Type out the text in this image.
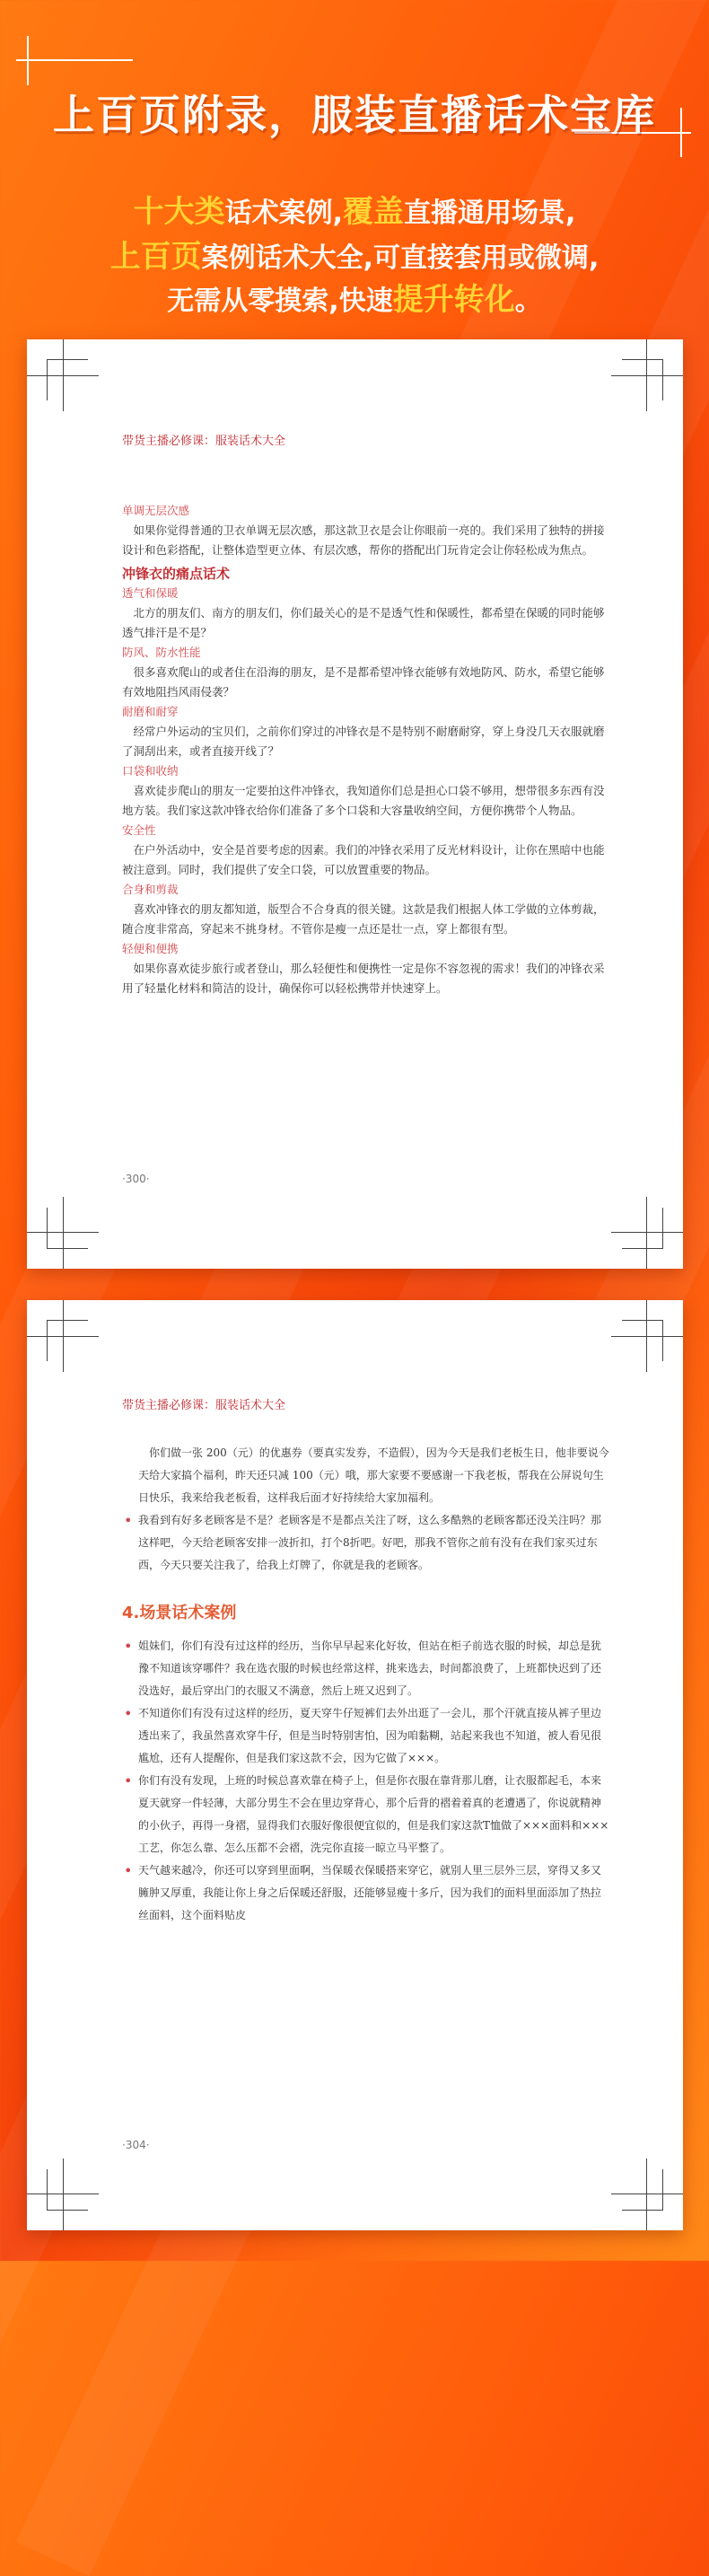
上百页附录，服装直播话术宝库
十大类话术案例,覆盖直播通用场景,
上百页案例话术大全,可直接套用或微调,
无需从零摸索,快速提升转化。
带货主播必修课：服装话术大全
单调无层次感

如果你觉得普通的卫衣单调无层次感，那这款卫衣是会让你眼前一亮的。我们采用了独特的拼接设计和色彩搭配，让整体造型更立体、有层次感，帮你的搭配出门玩肯定会让你轻松成为焦点。

冲锋衣的痛点话术
透气和保暖

北方的朋友们、南方的朋友们，你们最关心的是不是透气性和保暖性，都希望在保暖的同时能够透气排汗是不是？

防风、防水性能

很多喜欢爬山的或者住在沿海的朋友，是不是都希望冲锋衣能够有效地防风、防水，希望它能够有效地阻挡风雨侵袭？

耐磨和耐穿

经常户外运动的宝贝们，之前你们穿过的冲锋衣是不是特别不耐磨耐穿，穿上身没几天衣服就磨了洞刮出来，或者直接开线了？

口袋和收纳

喜欢徒步爬山的朋友一定要拍这件冲锋衣，我知道你们总是担心口袋不够用，想带很多东西有没地方装。我们家这款冲锋衣给你们准备了多个口袋和大容量收纳空间，方便你携带个人物品。

安全性

在户外活动中，安全是首要考虑的因素。我们的冲锋衣采用了反光材料设计，让你在黑暗中也能被注意到。同时，我们提供了安全口袋，可以放置重要的物品。

合身和剪裁

喜欢冲锋衣的朋友都知道，版型合不合身真的很关键。这款是我们根据人体工学做的立体剪裁，随合度非常高，穿起来不挑身材。不管你是瘦一点还是壮一点，穿上都很有型。

轻便和便携

如果你喜欢徒步旅行或者登山，那么轻便性和便携性一定是你不容忽视的需求！我们的冲锋衣采用了轻量化材料和简洁的设计，确保你可以轻松携带并快速穿上。

·300·
带货主播必修课：服装话术大全

你们做一张 200（元）的优惠券（要真实发券，不造假），因为今天是我们老板生日，他非要说今天给大家搞个福利，昨天还只减 100（元）哦，那大家要不要感谢一下我老板，帮我在公屏说句生日快乐，我来给我老板看，这样我后面才好持续给大家加福利。

• 我看到有好多老顾客是不是？老顾客是不是都点关注了呀，这么多酷熟的老顾客都还没关注吗？那这样吧，今天给老顾客安排一波折扣，打个8折吧。好吧，那我不管你之前有没有在我们家买过东西，今天只要关注我了，给我上灯牌了，你就是我的老顾客。

4.场景话术案例

• 姐妹们，你们有没有过这样的经历，当你早早起来化好妆，但站在柜子前选衣服的时候，却总是犹豫不知道该穿哪件？我在选衣服的时候也经常这样，挑来选去，时间都浪费了，上班都快迟到了还没选好，最后穿出门的衣服又不满意，然后上班又迟到了。

• 不知道你们有没有过这样的经历，夏天穿牛仔短裤们去外出逛了一会儿，那个汗就直接从裤子里边透出来了，我虽然喜欢穿牛仔，但是当时特别害怕，因为咱黏糊，站起来我也不知道，被人看见很尴尬，还有人提醒你，但是我们家这款不会，因为它做了×××。

• 你们有没有发现，上班的时候总喜欢靠在椅子上，但是你衣服在靠背那儿磨，让衣服都起毛，本来夏天就穿一件轻薄，大部分男生不会在里边穿背心，那个后背的褶着着真的老遭遇了，你说就精神的小伙子，再得一身褶，显得我们衣服好像很便宜似的，但是我们家这款T恤做了×××面料和×××工艺，你怎么靠、怎么压都不会褶，洗完你直接一晾立马平整了。

• 天气越来越冷，你还可以穿到里面啊，当保暖衣保暖搭来穿它，就别人里三层外三层，穿得又多又臃肿又厚重，我能让你上身之后保暖还舒服，还能够显瘦十多斤，因为我们的面料里面添加了热拉丝面料，这个面料贴皮

·304·
